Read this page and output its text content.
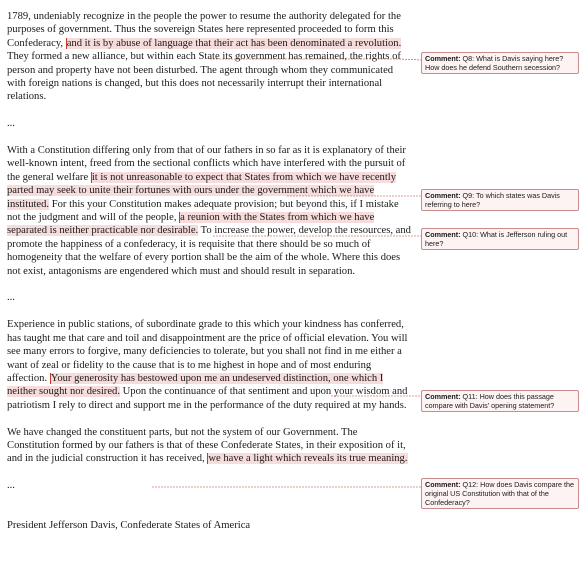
1789, undeniably recognize in the people the power to resume the authority delegated for the purposes of government. Thus the sovereign States here represented proceeded to form this Confederacy, and it is by abuse of language that their act has been denominated a revolution. They formed a new alliance, but within each State its government has remained, the rights of person and property have not been disturbed. The agent through whom they communicated with foreign nations is changed, but this does not necessarily interrupt their international relations.

...

With a Constitution differing only from that of our fathers in so far as it is explanatory of their well-known intent, freed from the sectional conflicts which have interfered with the pursuit of the general welfare it is not unreasonable to expect that States from which we have recently parted may seek to unite their fortunes with ours under the government which we have instituted. For this your Constitution makes adequate provision; but beyond this, if I mistake not the judgment and will of the people, a reunion with the States from which we have separated is neither practicable nor desirable. To increase the power, develop the resources, and promote the happiness of a confederacy, it is requisite that there should be so much of homogeneity that the welfare of every portion shall be the aim of the whole. Where this does not exist, antagonisms are engendered which must and should result in separation.

...

Experience in public stations, of subordinate grade to this which your kindness has conferred, has taught me that care and toil and disappointment are the price of official elevation. You will see many errors to forgive, many deficiencies to tolerate, but you shall not find in me either a want of zeal or fidelity to the cause that is to me highest in hope and of most enduring affection. Your generosity has bestowed upon me an undeserved distinction, one which I neither sought nor desired. Upon the continuance of that sentiment and upon your wisdom and patriotism I rely to direct and support me in the performance of the duty required at my hands.

We have changed the constituent parts, but not the system of our Government. The Constitution formed by our fathers is that of these Confederate States, in their exposition of it, and in the judicial construction it has received, we have a light which reveals its true meaning.

...

President Jefferson Davis, Confederate States of America

Comment: Q8: What is Davis saying here? How does he defend Southern secession?
Comment: Q9: To which states was Davis referring to here?
Comment: Q10: What is Jefferson ruling out here?
Comment: Q11: How does this passage compare with Davis' opening statement?
Comment: Q12: How does Davis compare the original US Constitution with that of the Confederacy?
